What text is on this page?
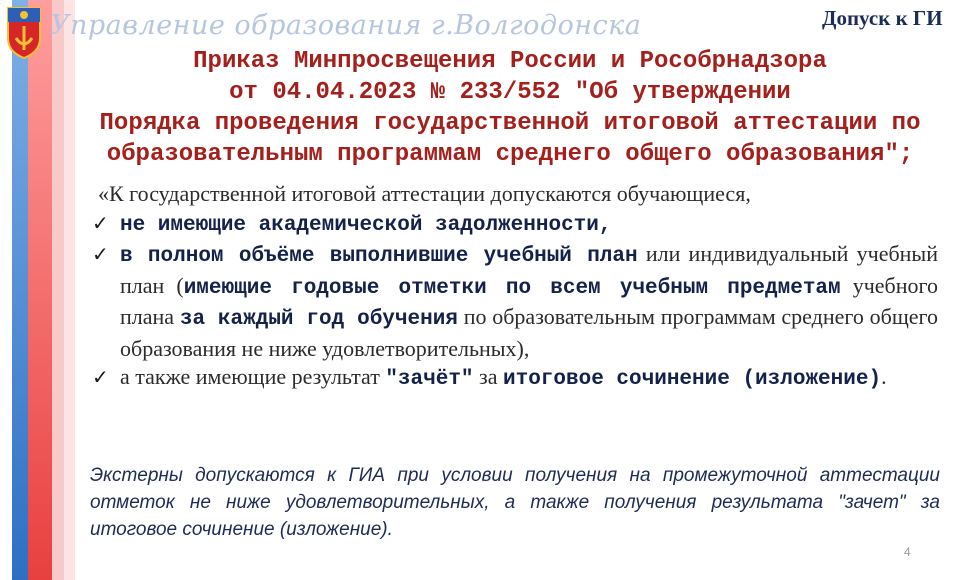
Управление образования г.Волгодонска	Допуск к ГИ
Приказ Минпросвещения России и Рособрнадзора
от 04.04.2023 № 233/552 "Об утверждении
Порядка проведения государственной итоговой аттестации по
образовательным программам среднего общего образования";
«К государственной итоговой аттестации допускаются обучающиеся,
✓ не имеющие академической задолженности,
✓ в полном объёме выполнившие учебный план или индивидуальный учебный план (имеющие годовые отметки по всем учебным предметам учебного плана за каждый год обучения по образовательным программам среднего общего образования не ниже удовлетворительных),
✓ а также имеющие результат "зачёт" за итоговое сочинение (изложение).
Экстерны допускаются к ГИА при условии получения на промежуточной аттестации отметок не ниже удовлетворительных, а также получения результата "зачет" за итоговое сочинение (изложение).
4
